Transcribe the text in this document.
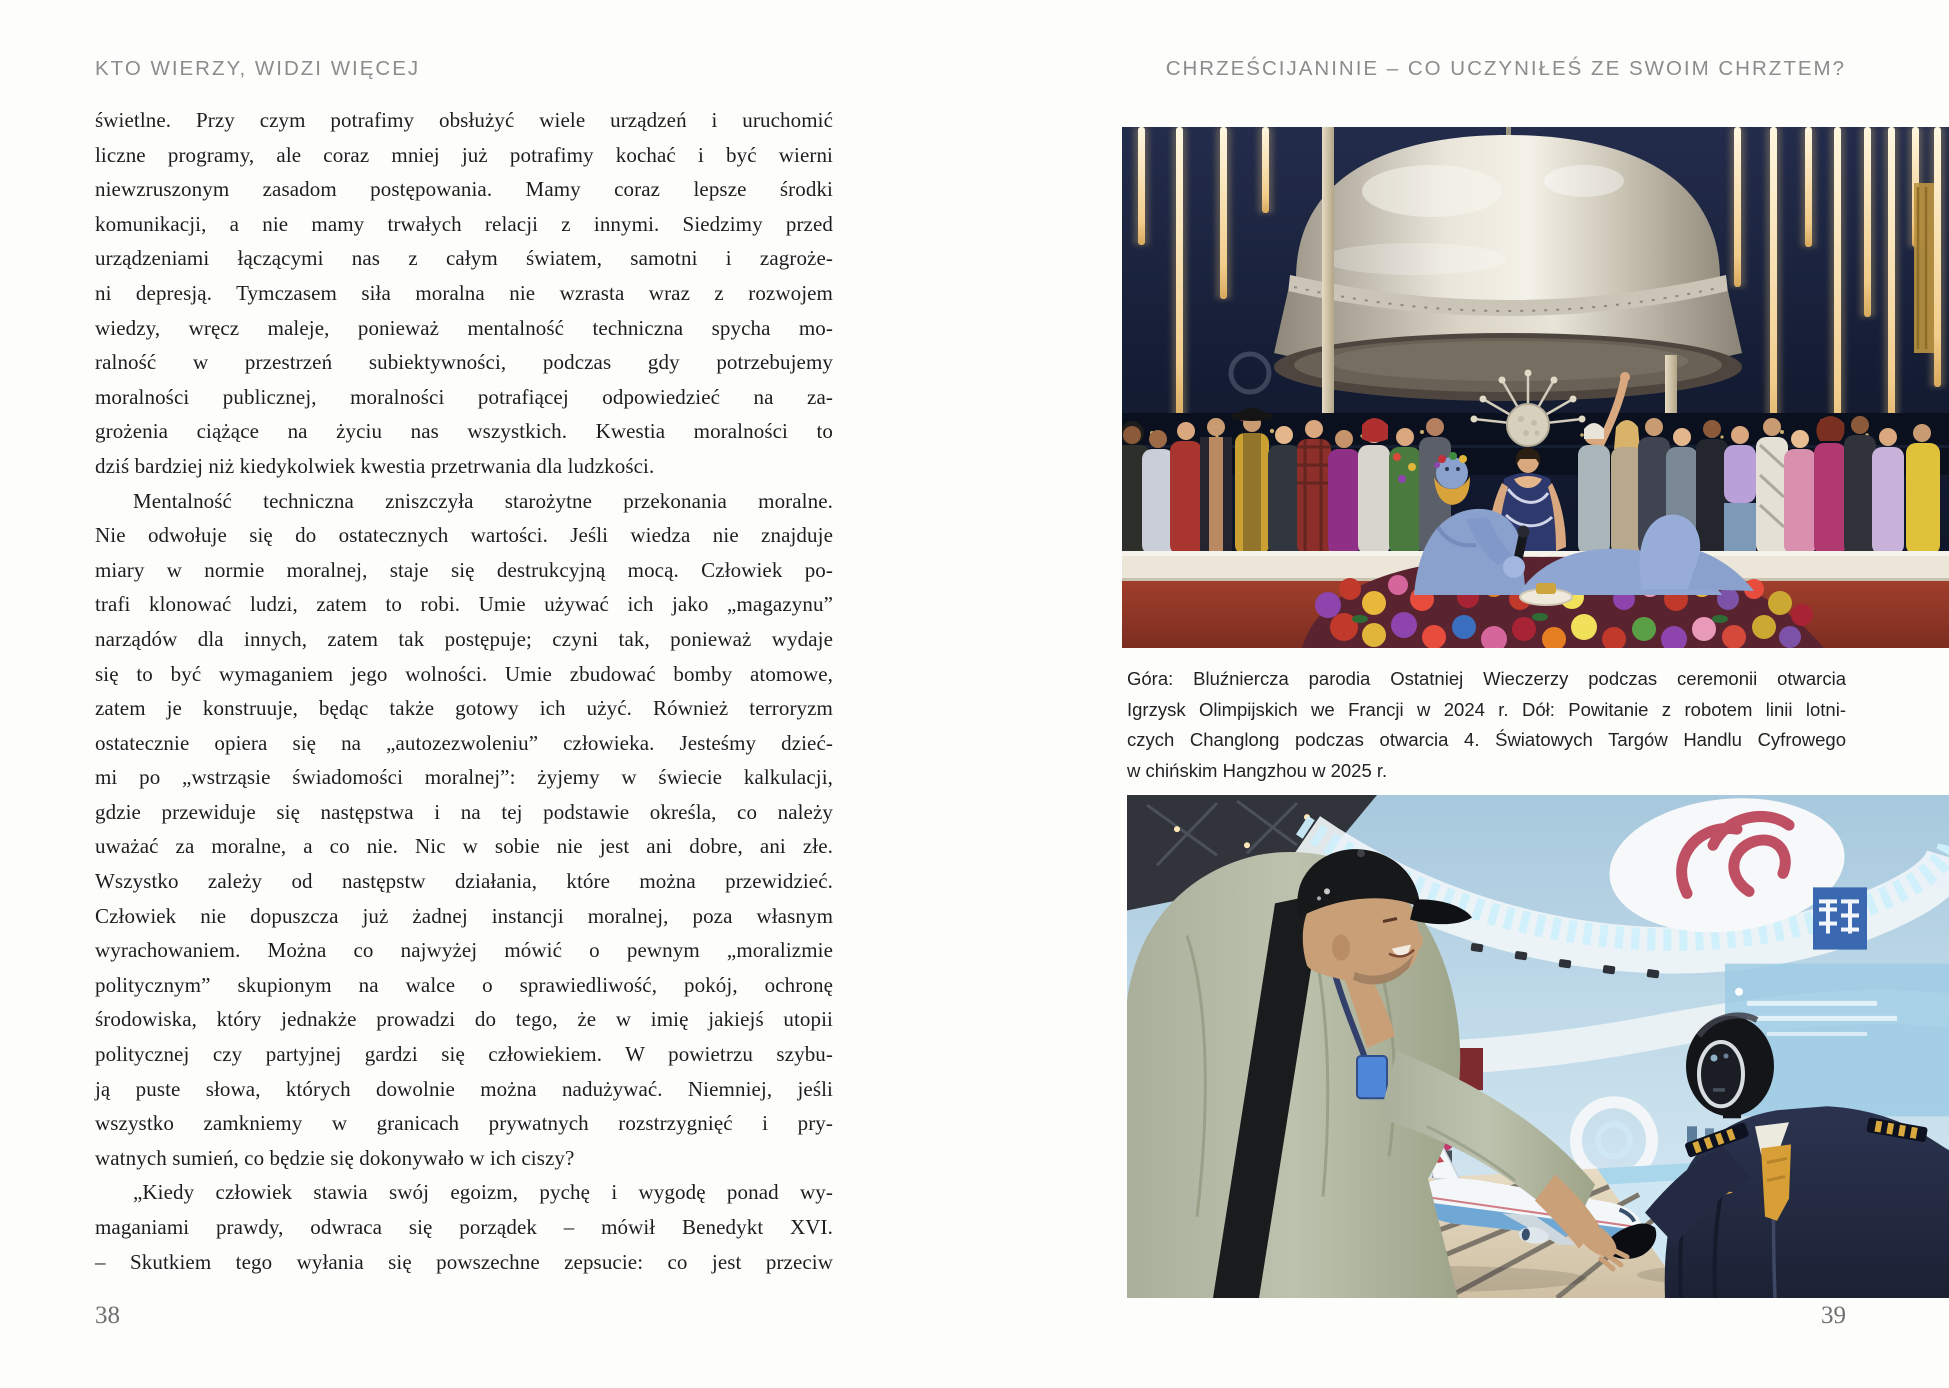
KTO WIERZY, WIDZI WIĘCEJ
świetlne. Przy czym potrafimy obsłużyć wiele urządzeń i uruchomić
liczne programy, ale coraz mniej już potrafimy kochać i być wierni
niewzruszonym zasadom postępowania. Mamy coraz lepsze środki
komunikacji, a nie mamy trwałych relacji z innymi. Siedzimy przed
urządzeniami łączącymi nas z całym światem, samotni i zagroże-
ni depresją. Tymczasem siła moralna nie wzrasta wraz z rozwojem
wiedzy, wręcz maleje, ponieważ mentalność techniczna spycha mo-
ralność w przestrzeń subiektywności, podczas gdy potrzebujemy
moralności publicznej, moralności potrafiącej odpowiedzieć na za-
grożenia ciążące na życiu nas wszystkich. Kwestia moralności to
dziś bardziej niż kiedykolwiek kwestia przetrwania dla ludzkości.
Mentalność techniczna zniszczyła starożytne przekonania moralne.
Nie odwołuje się do ostatecznych wartości. Jeśli wiedza nie znajduje
miary w normie moralnej, staje się destrukcyjną mocą. Człowiek po-
trafi klonować ludzi, zatem to robi. Umie używać ich jako „magazynu”
narządów dla innych, zatem tak postępuje; czyni tak, ponieważ wydaje
się to być wymaganiem jego wolności. Umie zbudować bomby atomowe,
zatem je konstruuje, będąc także gotowy ich użyć. Również terroryzm
ostatecznie opiera się na „autozezwoleniu” człowieka. Jesteśmy dzieć-
mi po „wstrząsie świadomości moralnej”: żyjemy w świecie kalkulacji,
gdzie przewiduje się następstwa i na tej podstawie określa, co należy
uważać za moralne, a co nie. Nic w sobie nie jest ani dobre, ani złe.
Wszystko zależy od następstw działania, które można przewidzieć.
Człowiek nie dopuszcza już żadnej instancji moralnej, poza własnym
wyrachowaniem. Można co najwyżej mówić o pewnym „moralizmie
politycznym” skupionym na walce o sprawiedliwość, pokój, ochronę
środowiska, który jednakże prowadzi do tego, że w imię jakiejś utopii
politycznej czy partyjnej gardzi się człowiekiem. W powietrzu szybu-
ją puste słowa, których dowolnie można nadużywać. Niemniej, jeśli
wszystko zamkniemy w granicach prywatnych rozstrzygnięć i pry-
watnych sumień, co będzie się dokonywało w ich ciszy?
„Kiedy człowiek stawia swój egoizm, pychę i wygodę ponad wy-
maganiami prawdy, odwraca się porządek – mówił Benedykt XVI.
– Skutkiem tego wyłania się powszechne zepsucie: co jest przeciw
38
CHRZEŚCIJANINIE – CO UCZYNIŁEŚ ZE SWOIM CHRZTEM?
Góra: Bluźniercza parodia Ostatniej Wieczerzy podczas ceremonii otwarcia
Igrzysk Olimpijskich we Francji w 2024 r. Dół: Powitanie z robotem linii lotni-
czych Changlong podczas otwarcia 4. Światowych Targów Handlu Cyfrowego
w chińskim Hangzhou w 2025 r.
39
